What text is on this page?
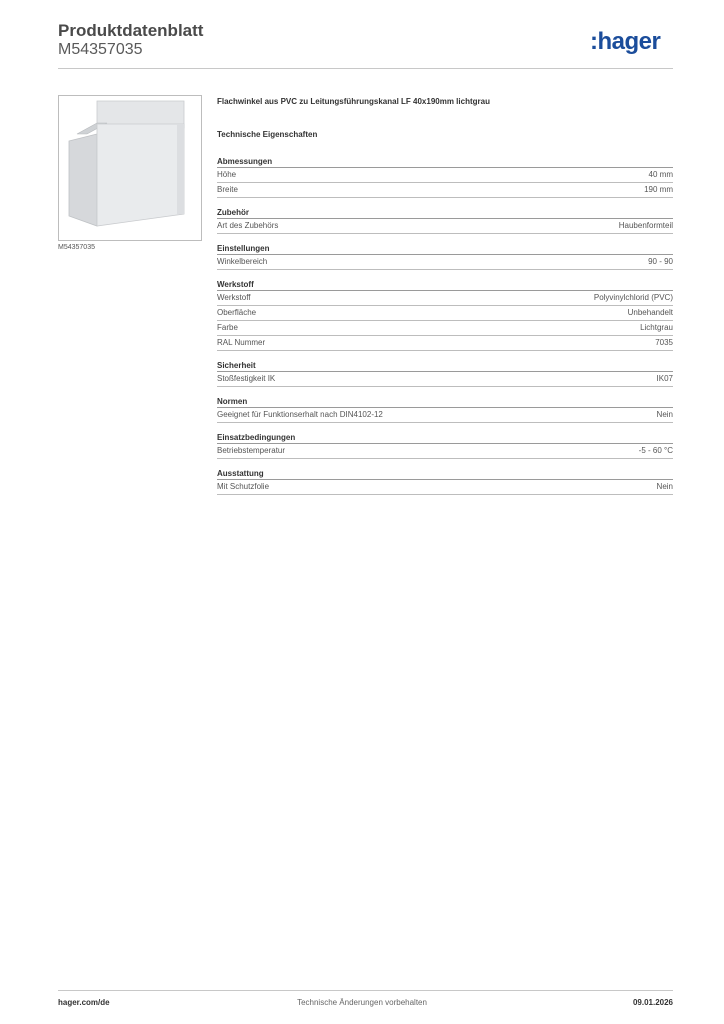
Produktdatenblatt
M54357035	:hager
M54357035
Flachwinkel aus PVC zu Leitungsführungskanal LF 40x190mm lichtgrau
Technische Eigenschaften
Abmessungen
Höhe	40 mm
Breite	190 mm
Zubehör
Art des Zubehörs	Haubenformteil
Einstellungen
Winkelbereich	90 - 90
Werkstoff
Werkstoff	Polyvinylchlorid (PVC)
Oberfläche	Unbehandelt
Farbe	Lichtgrau
RAL Nummer	7035
Sicherheit
Stoßfestigkeit IK	IK07
Normen
Geeignet für Funktionserhalt nach DIN4102-12	Nein
Einsatzbedingungen
Betriebstemperatur	-5 - 60 °C
Ausstattung
Mit Schutzfolie	Nein
Technische Änderungen vorbehalten
hager.com/de	09.01.2026
